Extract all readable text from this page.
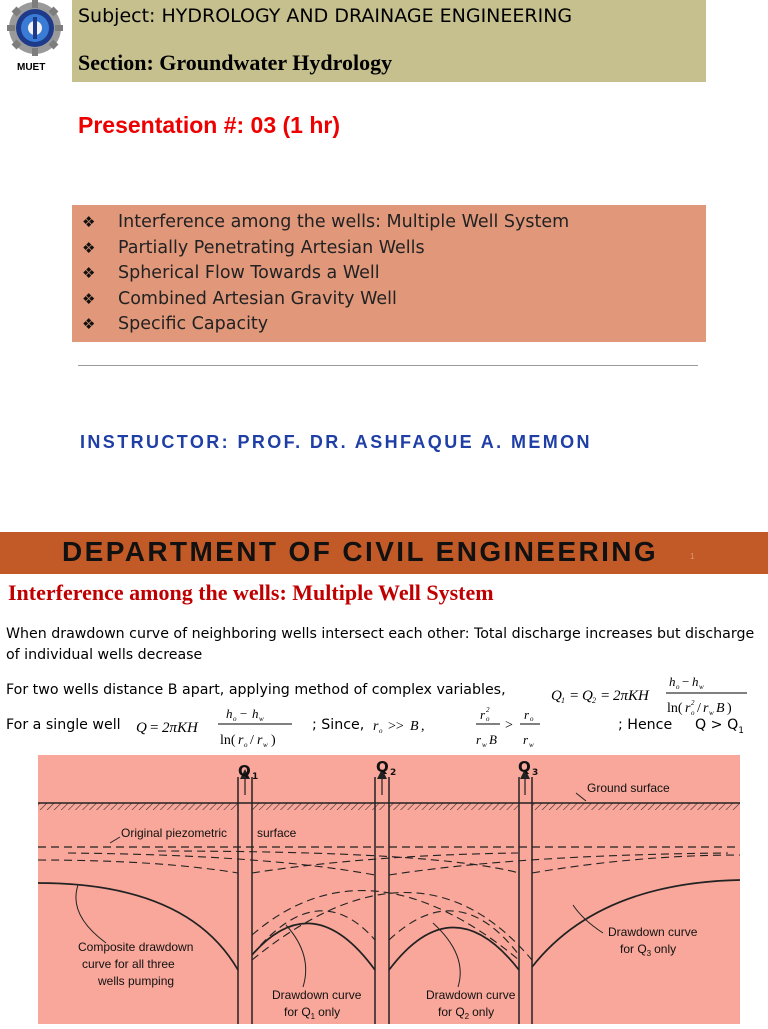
MUET
Subject: HYDROLOGY AND DRAINAGE ENGINEERING
Section: Groundwater Hydrology
Presentation #: 03 (1 hr)
❖ Interference among the wells: Multiple Well System
❖ Partially Penetrating Artesian Wells
❖ Spherical Flow Towards a Well
❖ Combined Artesian Gravity Well
❖ Specific Capacity
INSTRUCTOR: PROF. DR. ASHFAQUE A. MEMON
DEPARTMENT OF CIVIL ENGINEERING	1
Interference among the wells: Multiple Well System
When drawdown curve of neighboring wells intersect each other: Total discharge increases but discharge of individual wells decrease
For two wells distance B apart, applying method of complex variables,	Q 1 = Q 2 = 2πKH
h o − h w
ln( r 2
o / r w B )
For a single well Q = 2πKH
h o − h w
ln( r o / r w )
; Since, r o >> B ,
r 2
o
r w B
>
r o
r w
; Hence $Q > Q_1$
Q 1
Q 2	Q 3
Ground surface
Original piezometric surface
Composite drawdown
curve for all three
wells pumping
Drawdown curve
for $Q_3$ only
Drawdown curve
for $Q_1$ only
Drawdown curve
for $Q_2$ only
